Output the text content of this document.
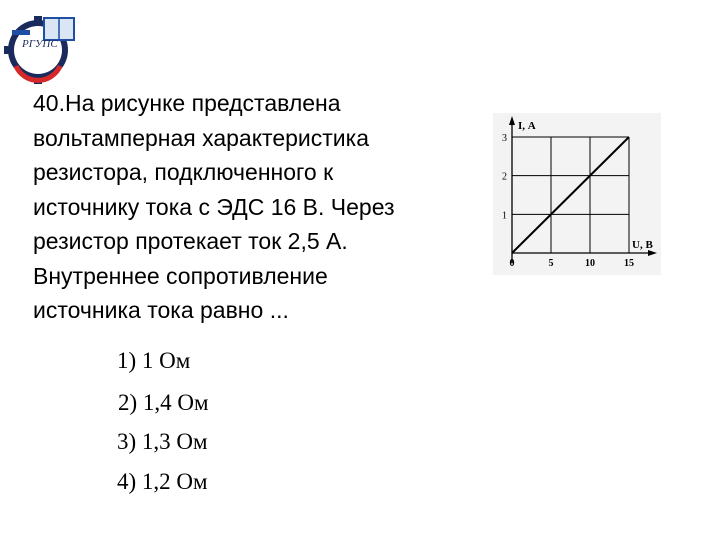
РГУПС

40.На рисунке представлена
вольтамперная характеристика
резистора, подключенного к
источнику тока с ЭДС 16 В. Через
резистор протекает ток 2,5 А.
Внутреннее сопротивление
источника тока равно ...

I, А
U, В
0	5	10	15
1
2
3
1) 1 Ом
2) 1,4 Ом
3) 1,3 Ом
4) 1,2 Ом
